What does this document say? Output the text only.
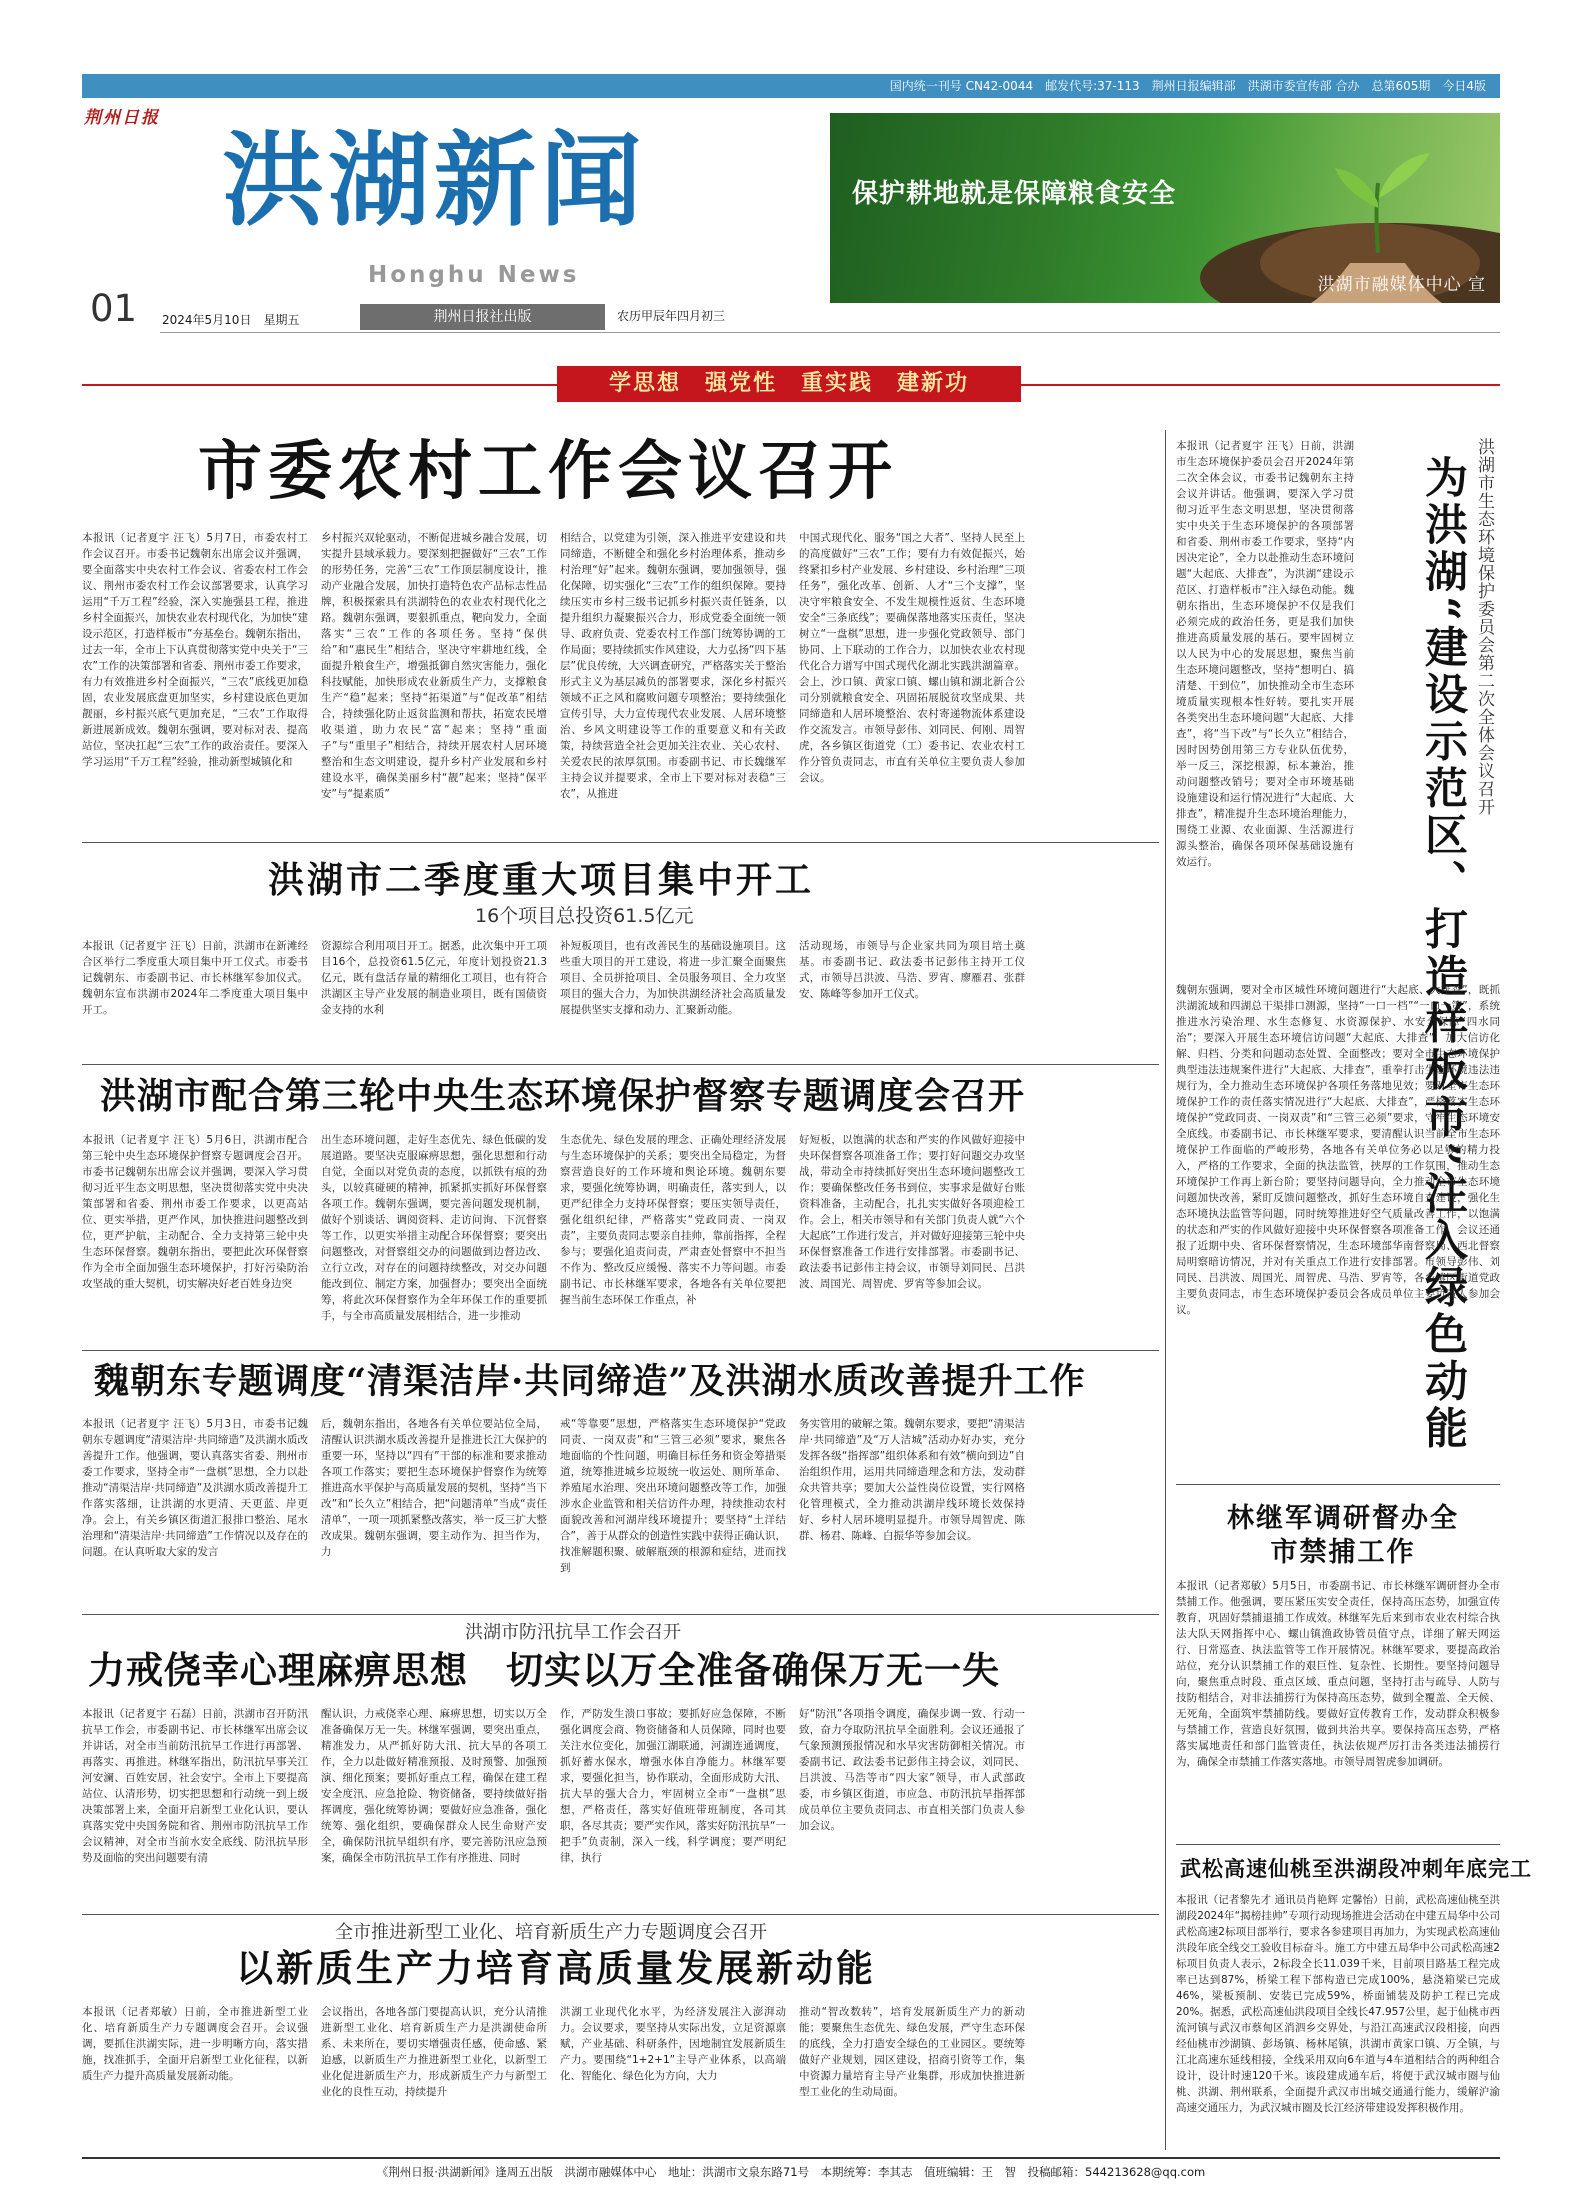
国内统一刊号 CN42-0044　邮发代号:37-113　荆州日报编辑部　洪湖市委宣传部 合办　总第605期　今日4版
荆州日报
洪湖新闻
Honghu News
01 2024年5月10日　星期五	荆州日报社出版	农历甲辰年四月初三
保护耕地就是保障粮食安全
洪湖市融媒体中心 宣
学思想　强党性　重实践　建新功
市委农村工作会议召开
本报讯（记者夏宇 汪飞）5月7日，市委农村工作会议召开。市委书记魏朝东出席会议并强调，要全面落实中央农村工作会议、省委农村工作会议、荆州市委农村工作会议部署要求，认真学习运用“千万工程”经验，深入实施强县工程，推进乡村全面振兴，加快农业农村现代化，为加快“建设示范区，打造样板市”夯基垒台。魏朝东指出，过去一年，全市上下认真贯彻落实党中央关于“三农”工作的决策部署和省委、荆州市委工作要求，有力有效推进乡村全面振兴，“三农”底线更加稳固，农业发展底盘更加坚实，乡村建设底色更加靓丽，乡村振兴底气更加充足，“三农”工作取得新进展新成效。魏朝东强调，要对标对表、提高站位，坚决扛起“三农”工作的政治责任。要深入学习运用“千万工程”经验，推动新型城镇化和
乡村振兴双轮驱动，不断促进城乡融合发展，切实提升县域承载力。要深刻把握做好“三农”工作的形势任务，完善“三农”工作顶层制度设计，推动产业融合发展，加快打造特色农产品标志性品牌，积极探索具有洪湖特色的农业农村现代化之路。魏朝东强调，要狠抓重点，靶向发力，全面落实“三农”工作的各项任务。坚持“保供给”和“惠民生”相结合，坚决守牢耕地红线，全面提升粮食生产，增强抵御自然灾害能力，强化科技赋能，加快形成农业新质生产力，支撑粮食生产“稳”起来；坚持“拓渠道”与“促改革”相结合，持续强化防止返贫监测和帮扶，拓宽农民增收渠道，助力农民“富”起来；坚持“重面子”与“重里子”相结合，持续开展农村人居环境整治和生态文明建设，提升乡村产业发展和乡村建设水平，确保美丽乡村“靓”起来；坚持“保平安”与“提素质”
相结合，以党建为引领，深入推进平安建设和共同缔造，不断健全和强化乡村治理体系，推动乡村治理“好”起来。魏朝东强调，要加强领导，强化保障，切实强化“三农”工作的组织保障。要持续压实市乡村三级书记抓乡村振兴责任链条，以提升组织力凝聚振兴合力，形成党委全面统一领导、政府负责、党委农村工作部门统筹协调的工作局面；要持续抓实作风建设，大力弘扬“四下基层”优良传统，大兴调查研究，严格落实关于整治形式主义为基层减负的部署要求，深化乡村振兴领域不正之风和腐败问题专项整治；要持续强化宣传引导，大力宣传现代农业发展、人居环境整治、乡风文明建设等工作的重要意义和有关政策，持续营造全社会更加关注农业、关心农村、关爱农民的浓厚氛围。市委副书记、市长魏继军主持会议并提要求，全市上下要对标对表稳“三农”，从推进
中国式现代化、服务“国之大者”、坚持人民至上的高度做好“三农”工作；要有力有效促振兴，始终紧扣乡村产业发展、乡村建设、乡村治理“三项任务”，强化改革、创新、人才“三个支撑”，坚决守牢粮食安全、不发生规模性返贫、生态环境安全“三条底线”；要确保落地落实压责任，坚决树立“一盘棋”思想，进一步强化党政领导、部门协同、上下联动的工作合力，以加快农业农村现代化合力谱写中国式现代化湖北实践洪湖篇章。会上，沙口镇、黄家口镇、螺山镇和湖北新合公司分别就粮食安全、巩固拓展脱贫攻坚成果、共同缔造和人居环境整治、农村寄递物流体系建设作交流发言。市领导彭伟、刘同民、何刚、周智虎，各乡镇区街道党（工）委书记、农业农村工作分管负责同志，市直有关单位主要负责人参加会议。
洪湖市二季度重大项目集中开工
16个项目总投资61.5亿元
本报讯（记者夏宇 汪飞）日前，洪湖市在新滩经合区举行二季度重大项目集中开工仪式。市委书记魏朝东、市委副书记、市长林继军参加仪式。魏朝东宣布洪湖市2024年二季度重大项目集中开工。
资源综合利用项目开工。据悉，此次集中开工项目16个，总投资61.5亿元，年度计划投资21.3亿元，既有盘活存量的精细化工项目，也有符合洪湖区主导产业发展的制造业项目，既有国债资金支持的水利
补短板项目，也有改善民生的基础设施项目。这些重大项目的开工建设，将进一步汇聚全面聚焦项目、全员拼抢项目、全员服务项目、全力攻坚项目的强大合力，为加快洪湖经济社会高质量发展提供坚实支撑和动力、汇聚新动能。
活动现场，市领导与企业家共同为项目培土奠基。市委副书记、政法委书记彭伟主持开工仪式，市领导吕洪波、马浩、罗宵、廖雁君、张群安、陈峰等参加开工仪式。
洪湖市配合第三轮中央生态环境保护督察专题调度会召开
本报讯（记者夏宇 汪飞）5月6日，洪湖市配合第三轮中央生态环境保护督察专题调度会召开。市委书记魏朝东出席会议并强调，要深入学习贯彻习近平生态文明思想，坚决贯彻落实党中央决策部署和省委、荆州市委工作要求，以更高站位、更实举措，更严作风，加快推进问题整改到位，更严护航，主动配合、全力支持第三轮中央生态环保督察。魏朝东指出，要把此次环保督察作为全市全面加强生态环境保护，打好污染防治攻坚战的重大契机，切实解决好老百姓身边突
出生态环境问题，走好生态优先、绿色低碳的发展道路。要坚决克服麻痹思想，强化思想和行动自觉，全面以对党负责的态度，以抓铁有痕的劲头，以较真碰硬的精神，抓紧抓实抓好环保督察各项工作。魏朝东强调，要完善问题发现机制，做好个别谈话、调阅资料、走访问询、下沉督察等工作，以更实举措主动配合环保督察；要突出问题整改，对督察组交办的问题做到边督边改、立行立改，对存在的问题持续整改，对交办问题能改到位、制定方案，加强督办；要突出全面统筹，将此次环保督察作为全年环保工作的重要抓手，与全市高质量发展相结合，进一步推动
生态优先、绿色发展的理念、正确处理经济发展与生态环境保护的关系；要突出全局稳定，为督察营造良好的工作环境和舆论环境。魏朝东要求，要强化统筹协调，明确责任，落实到人，以更严纪律全力支持环保督察；要压实领导责任，强化组织纪律，严格落实“党政同责、一岗双责”，主要负责同志要亲自挂帅，靠前指挥，全程参与；要强化追责问责，严肃查处督察中不担当不作为、整改反应缓慢、落实不力等问题。市委副书记、市长林继军要求，各地各有关单位要把握当前生态环保工作重点，补
好短板，以饱满的状态和严实的作风做好迎接中央环保督察各项准备工作；要打好问题交办攻坚战，带动全市持续抓好突出生态环境问题整改工作；要确保整改任务书到位，实事求是做好台账资料准备，主动配合，扎扎实实做好各项迎检工作。会上，相关市领导和有关部门负责人就“六个大起底”工作进行发言，并对做好迎接第三轮中央环保督察准备工作进行安排部署。市委副书记、政法委书记彭伟主持会议，市领导刘同民、吕洪波、周国光、周智虎、罗宵等参加会议。
魏朝东专题调度“清渠洁岸·共同缔造”及洪湖水质改善提升工作
本报讯（记者夏宇 汪飞）5月3日，市委书记魏朝东专题调度“清渠洁岸·共同缔造”及洪湖水质改善提升工作。他强调，要认真落实省委、荆州市委工作要求，坚持全市“一盘棋”思想，全力以赴推动“清渠洁岸·共同缔造”及洪湖水质改善提升工作落实落细，让洪湖的水更清、天更蓝、岸更净。会上，有关乡镇区街道汇报排口整治、尾水治理和“清渠洁岸·共同缔造”工作情况以及存在的问题。在认真听取大家的发言
后，魏朝东指出，各地各有关单位要站位全局，清醒认识洪湖水质改善提升是推进长江大保护的重要一环，坚持以“四有”干部的标准和要求推动各项工作落实；要把生态环境保护督察作为统筹推进高水平保护与高质量发展的契机，坚持“当下改”和“长久立”相结合，把“问题清单”当成“责任清单”，一项一项抓紧整改落实，举一反三扩大整改成果。魏朝东强调，要主动作为、担当作为，力
戒“等靠要”思想，严格落实生态环境保护“党政同责、一岗双责”和“三管三必须”要求，聚焦各地面临的个性问题，明确目标任务和资金筹措渠道，统筹推进城乡垃圾统一收运处、厕所革命、养殖尾水治理、突出环境问题整改等工作，加强涉水企业监管和相关信访件办理，持续推动农村面貌改善和河湖岸线环境提升；要坚持“土洋结合”，善于从群众的创造性实践中获得正确认识，找准解题积聚、破解瓶颈的根源和症结，进而找到
务实管用的破解之策。魏朝东要求，要把“清渠洁岸·共同缔造”及“万人洁城”活动办好办实，充分发挥各级“指挥部”组织体系和有效“横向到边”自治组织作用，运用共同缔造理念和方法，发动群众共管共享；要加大公益性岗位设置，实行网格化管理模式，全力推动洪湖岸线环境长效保持好、乡村人居环境明显提升。市领导周智虎、陈群、杨君、陈峰、白振华等参加会议。
洪湖市防汛抗旱工作会召开
力戒侥幸心理麻痹思想　切实以万全准备确保万无一失
本报讯（记者夏宇 石磊）日前，洪湖市召开防汛抗旱工作会，市委副书记、市长林继军出席会议并讲话，对全市当前防汛抗旱工作进行再部署、再落实、再推进。林继军指出，防汛抗旱事关江河安澜、百姓安居，社会安宁。全市上下要提高站位、认清形势，切实把思想和行动统一到上级决策部署上来，全面开启新型工业化认识，要认真落实党中央国务院和省、荆州市防汛抗旱工作会议精神，对全市当前水安全底线、防汛抗旱形势及面临的突出问题要有清
醒认识，力戒侥幸心理、麻痹思想，切实以万全准备确保万无一失。林继军强调，要突出重点，精准发力，从严抓好防大汛、抗大旱的各项工作，全力以赴做好精准预报、及时预警、加强预演、细化预案；要抓好重点工程，确保在建工程安全度汛、应急抢险、物资储备，要持续做好指挥调度，强化统筹协调；要做好应急准备，强化统筹、强化组织，要确保群众人民生命财产安全，确保防汛抗旱组织有序，要完善防汛应急预案，确保全市防汛抗旱工作有序推进、同时
作，严防发生溃口事故；要抓好应急保障，不断强化调度会商、物资储备和人员保障，同时也要关注水位变化，加强江湖联通，河湖连通调度，抓好蓄水保水，增强水体自净能力。林继军要求，要强化担当，协作联动，全面形成防大汛、抗大旱的强大合力，牢固树立全市“一盘棋”思想，严格责任，落实好值班带班制度，各司其职，各尽其责；要严实作风，落实好防汛抗旱“一把手”负责制，深入一线，科学调度；要严明纪律，执行
好“防汛”各项指令调度，确保步调一致、行动一致，奋力夺取防汛抗旱全面胜利。会议还通报了气象预测预报情况和水旱灾害防御相关情况。市委副书记、政法委书记彭伟主持会议，刘同民、吕洪波、马浩等市“四大家”领导，市人武部政委，市乡镇区街道，市应急、市防汛抗旱指挥部成员单位主要负责同志、市直相关部门负责人参加会议。
全市推进新型工业化、培育新质生产力专题调度会召开
以新质生产力培育高质量发展新动能
本报讯（记者郑敏）日前，全市推进新型工业化、培育新质生产力专题调度会召开。会议强调，要抓住洪湖实际，进一步明晰方向，落实措施，找准抓手，全面开启新型工业化征程，以新质生产力提升高质量发展新动能。
会议指出，各地各部门要提高认识，充分认清推进新型工业化、培育新质生产力是洪湖使命所系、未来所在，要切实增强责任感，使命感、紧迫感，以新质生产力推进新型工业化，以新型工业化促进新质生产力，形成新质生产力与新型工业化的良性互动，持续提升
洪湖工业现代化水平，为经济发展注入澎湃动力。会议要求，要坚持从实际出发，立足资源禀赋，产业基础、科研条件，因地制宜发展新质生产力。要围绕“1+2+1”主导产业体系，以高端化、智能化、绿色化为方向，大力
推动“智改数转”，培育发展新质生产力的新动能；要聚焦生态优先、绿色发展，严守生态环保的底线，全力打造安全绿色的工业园区。要统筹做好产业规划，园区建设，招商引资等工作，集中资源力量培育主导产业集群，形成加快推进新型工业化的生动局面。
为洪湖“建设示范区、打造样板市”注入绿色动能 洪湖市生态环境保护委员会第二次全体会议召开
本报讯（记者夏宇 汪飞）日前，洪湖市生态环境保护委员会召开2024年第二次全体会议，市委书记魏朝东主持会议并讲话。他强调，要深入学习贯彻习近平生态文明思想，坚决贯彻落实中央关于生态环境保护的各项部署和省委、荆州市委工作要求，坚持“内因决定论”，全力以赴推动生态环境问题“大起底、大排查”，为洪湖“建设示范区、打造样板市”注入绿色动能。魏朝东指出，生态环境保护不仅是我们必须完成的政治任务，更是我们加快推进高质量发展的基石。要牢固树立以人民为中心的发展思想，聚焦当前生态环境问题整改，坚持“想明白、搞清楚、干到位”，加快推动全市生态环境质量实现根本性好转。要扎实开展各类突出生态环境问题“大起底、大排查”，将“当下改”与“长久立”相结合，因时因势创用第三方专业队伍优势，举一反三，深挖根源，标本兼治，推动问题整改销号；要对全市环境基础设施建设和运行情况进行“大起底、大排查”，精准提升生态环境治理能力，围绕工业源、农业面源、生活源进行源头整治，确保各项环保基础设施有效运行。
魏朝东强调，要对全市区城性环境问题进行“大起底、大排查”，既抓洪湖流域和四湖总干渠排口测源，坚持“一口一档”“一口一策”，系统推进水污染治理、水生态修复、水资源保护、水安全保障“四水同治”；要深入开展生态环境信访问题“大起底、大排查”，加大信访化解、归档、分类和问题动态处置、全面整改；要对全市生态环境保护典型违法违规案件进行“大起底、大排查”，重拳打击生态环境违法违规行为，全力推动生态环境保护各项任务落地见效；要对全市生态环境保护工作的责任落实情况进行“大起底、大排查”，严格落实生态环境保护“党政同责、一岗双责”和“三管三必须”要求，守牢生态环境安全底线。市委副书记、市长林继军要求，要清醒认识当前全市生态环境保护工作面临的严峻形势，各地各有关单位务必以足够的精力投入，严格的工作要求，全面的执法监管，挟厚的工作氛围，推动生态环境保护工作再上新台阶；要坚持问题导向，全力推动全市生态环境问题加快改善，紧盯反馈问题整改，抓好生态环境自查建设，强化生态环境执法监管等问题，同时统筹推进好空气质量改善工作，以饱满的状态和严实的作风做好迎接中央环保督察各项准备工作。会议还通报了近期中央、省环保督察情况，生态环境部华南督察局、西北督察局明察暗访情况，并对有关重点工作进行安排部署。市领导彭伟、刘同民、吕洪波、周国光、周智虎、马浩、罗宵等，各乡镇区街道党政主要负责同志，市生态环境保护委员会各成员单位主要负责人参加会议。
林继军调研督办全市禁捕工作
本报讯（记者郑敏）5月5日，市委副书记、市长林继军调研督办全市禁捕工作。他强调，要压紧压实安全责任，保持高压态势，加强宣传教育，巩固好禁捕退捕工作成效。林继军先后来到市农业农村综合执法大队天网指挥中心、螺山镇渔政协管员值守点，详细了解天网运行、日常巡查、执法监管等工作开展情况。林继军要求，要提高政治站位，充分认识禁捕工作的艰巨性、复杂性、长期性。要坚持问题导向，聚焦重点时段、重点区域、重点问题，坚持打击与疏导、人防与技防相结合，对非法捕捞行为保持高压态势，做到全覆盖、全天候、无死角，全面筑牢禁捕防线。要做好宣传教育工作，发动群众积极参与禁捕工作，营造良好氛围，做到共治共享。要保持高压态势，严格落实属地责任和部门监管责任，执法依规严厉打击各类违法捕捞行为，确保全市禁捕工作落实落地。市领导周智虎参加调研。
武松高速仙桃至洪湖段冲刺年底完工
本报讯（记者黎先才 通讯员肖艳辉 定馨怡）日前，武松高速仙桃至洪湖段2024年“揭榜挂帅”专项行动现场推进会活动在中建五局华中公司武松高速2标项目部举行，要求各参建项目再加力，为实现武松高速仙洪段年底全线交工验收目标奋斗。施工方中建五局华中公司武松高速2标项目负责人表示，2标段全长11.039千米，目前项目路基工程完成率已达到87%，桥梁工程下部构造已完成100%，悬浇箱梁已完成46%，梁板预制、安装已完成59%，桥面铺装及防护工程已完成20%。据悉，武松高速仙洪段项目全线长47.957公里，起于仙桃市西流河镇与武汉市蔡甸区消泗乡交界处，与沿江高速武汉段相接，向西经仙桃市沙湖镇、彭场镇、杨林尾镇，洪湖市黄家口镇、万全镇，与江北高速东延线相接，全线采用双向6车道与4车道相结合的两种组合设计，设计时速120千米。该段建成通车后，将便于武汉城市圈与仙桃、洪湖、荆州联系，全面提升武汉市出城交通通行能力，缓解沪渝高速交通压力，为武汉城市圈及长江经济带建设发挥积极作用。
《荆州日报·洪湖新闻》逢周五出版　洪湖市融媒体中心　地址：洪湖市文泉东路71号　本期统筹：李其志　值班编辑：王　智　投稿邮箱：544213628@qq.com
